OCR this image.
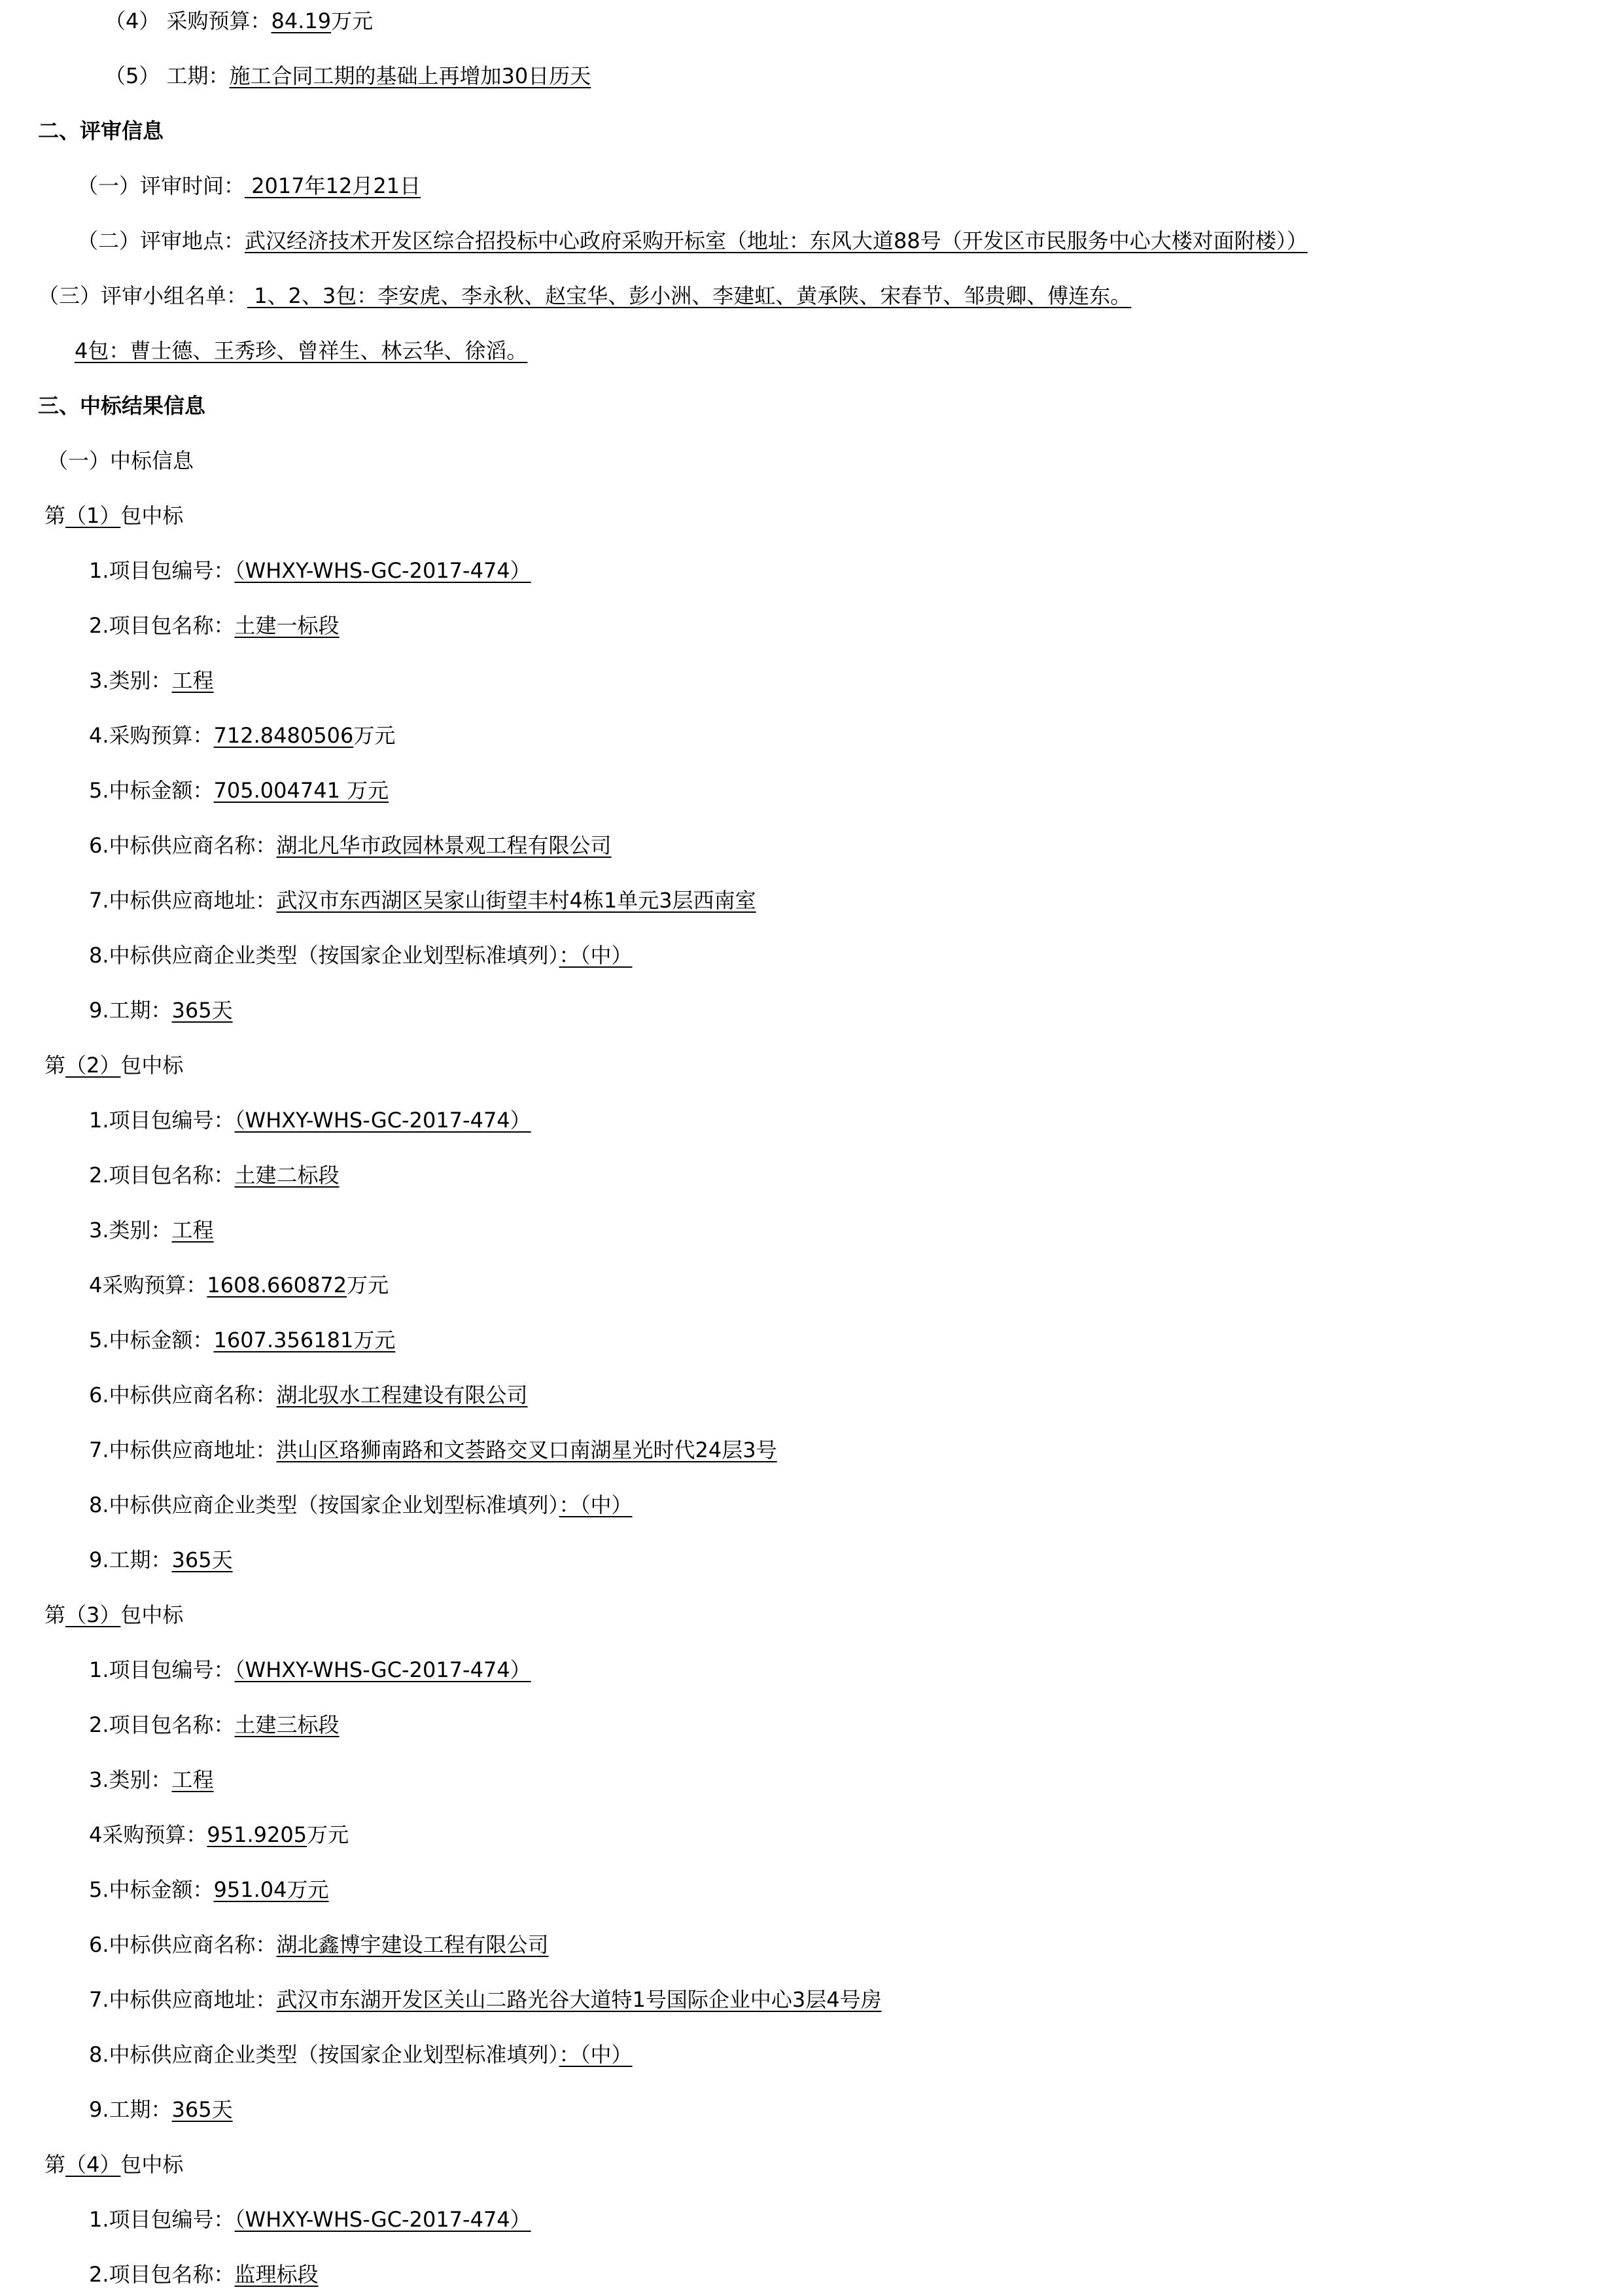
（4） 采购预算：84.19万元
（5） 工期：施工合同工期的基础上再增加30日历天
二、评审信息
（一）评审时间： 2017年12月21日
（二）评审地点：武汉经济技术开发区综合招投标中心政府采购开标室（地址：东风大道88号（开发区市民服务中心大楼对面附楼））
（三）评审小组名单： 1、2、3包：李安虎、李永秋、赵宝华、彭小洲、李建虹、黄承陕、宋春节、邹贵卿、傅连东。
4包：曹士德、王秀珍、曾祥生、林云华、徐滔。
三、中标结果信息
（一）中标信息
第（1）包中标
1.项目包编号：（WHXY-WHS-GC-2017-474）
2.项目包名称：土建一标段
3.类别：工程
4.采购预算：712.8480506万元
5.中标金额：705.004741 万元
6.中标供应商名称：湖北凡华市政园林景观工程有限公司
7.中标供应商地址：武汉市东西湖区吴家山街望丰村4栋1单元3层西南室
8.中标供应商企业类型（按国家企业划型标准填列）：（中）
9.工期：365天
第（2）包中标
1.项目包编号：（WHXY-WHS-GC-2017-474）
2.项目包名称：土建二标段
3.类别：工程
4采购预算：1608.660872万元
5.中标金额：1607.356181万元
6.中标供应商名称：湖北驭水工程建设有限公司
7.中标供应商地址：洪山区珞狮南路和文荟路交叉口南湖星光时代24层3号
8.中标供应商企业类型（按国家企业划型标准填列）：（中）
9.工期：365天
第（3）包中标
1.项目包编号：（WHXY-WHS-GC-2017-474）
2.项目包名称：土建三标段
3.类别：工程
4采购预算：951.9205万元
5.中标金额：951.04万元
6.中标供应商名称：湖北鑫博宇建设工程有限公司
7.中标供应商地址：武汉市东湖开发区关山二路光谷大道特1号国际企业中心3层4号房
8.中标供应商企业类型（按国家企业划型标准填列）：（中）
9.工期：365天
第（4）包中标
1.项目包编号：（WHXY-WHS-GC-2017-474）
2.项目包名称：监理标段
